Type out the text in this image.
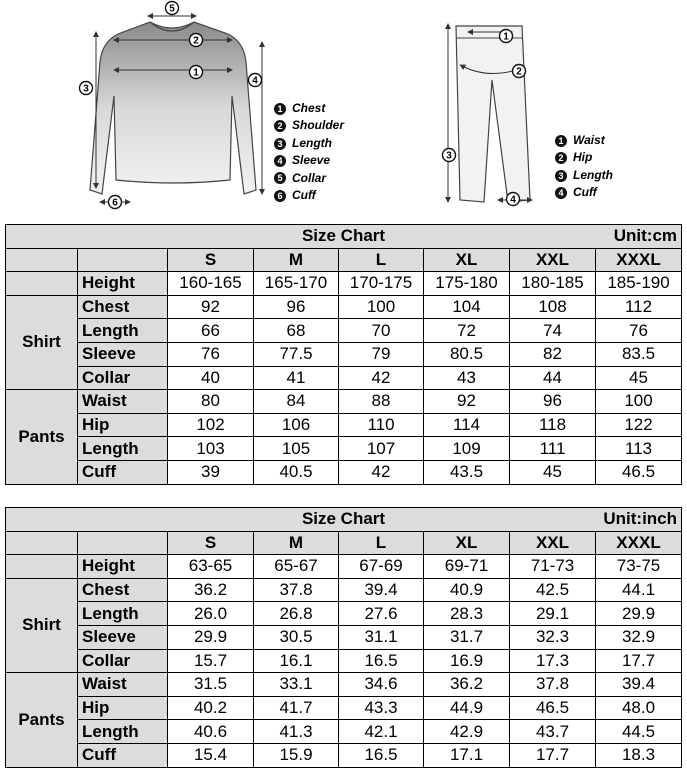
5
2
1
3
4
6
1
2
3
4
1 Chest
2 Shoulder
3 Length
4 Sleeve
5 Collar
6 Cuff
1 Waist
2 Hip
3 Length
4 Cuff
Size Chart Unit:cm							

		S	M	L	XL	XXL	XXXL
	Height	160-165	165-170	170-175	175-180	180-185	185-190
Shirt	Chest	92	96	100	104	108	112
	Length	66	68	70	72	74	76
	Sleeve	76	77.5	79	80.5	82	83.5
	Collar	40	41	42	43	44	45
Pants	Waist	80	84	88	92	96	100
	Hip	102	106	110	114	118	122
	Length	103	105	107	109	111	113
	Cuff	39	40.5	42	43.5	45	46.5
Size Chart Unit:inch							

		S	M	L	XL	XXL	XXXL
	Height	63-65	65-67	67-69	69-71	71-73	73-75
Shirt	Chest	36.2	37.8	39.4	40.9	42.5	44.1
	Length	26.0	26.8	27.6	28.3	29.1	29.9
	Sleeve	29.9	30.5	31.1	31.7	32.3	32.9
	Collar	15.7	16.1	16.5	16.9	17.3	17.7
Pants	Waist	31.5	33.1	34.6	36.2	37.8	39.4
	Hip	40.2	41.7	43.3	44.9	46.5	48.0
	Length	40.6	41.3	42.1	42.9	43.7	44.5
	Cuff	15.4	15.9	16.5	17.1	17.7	18.3
